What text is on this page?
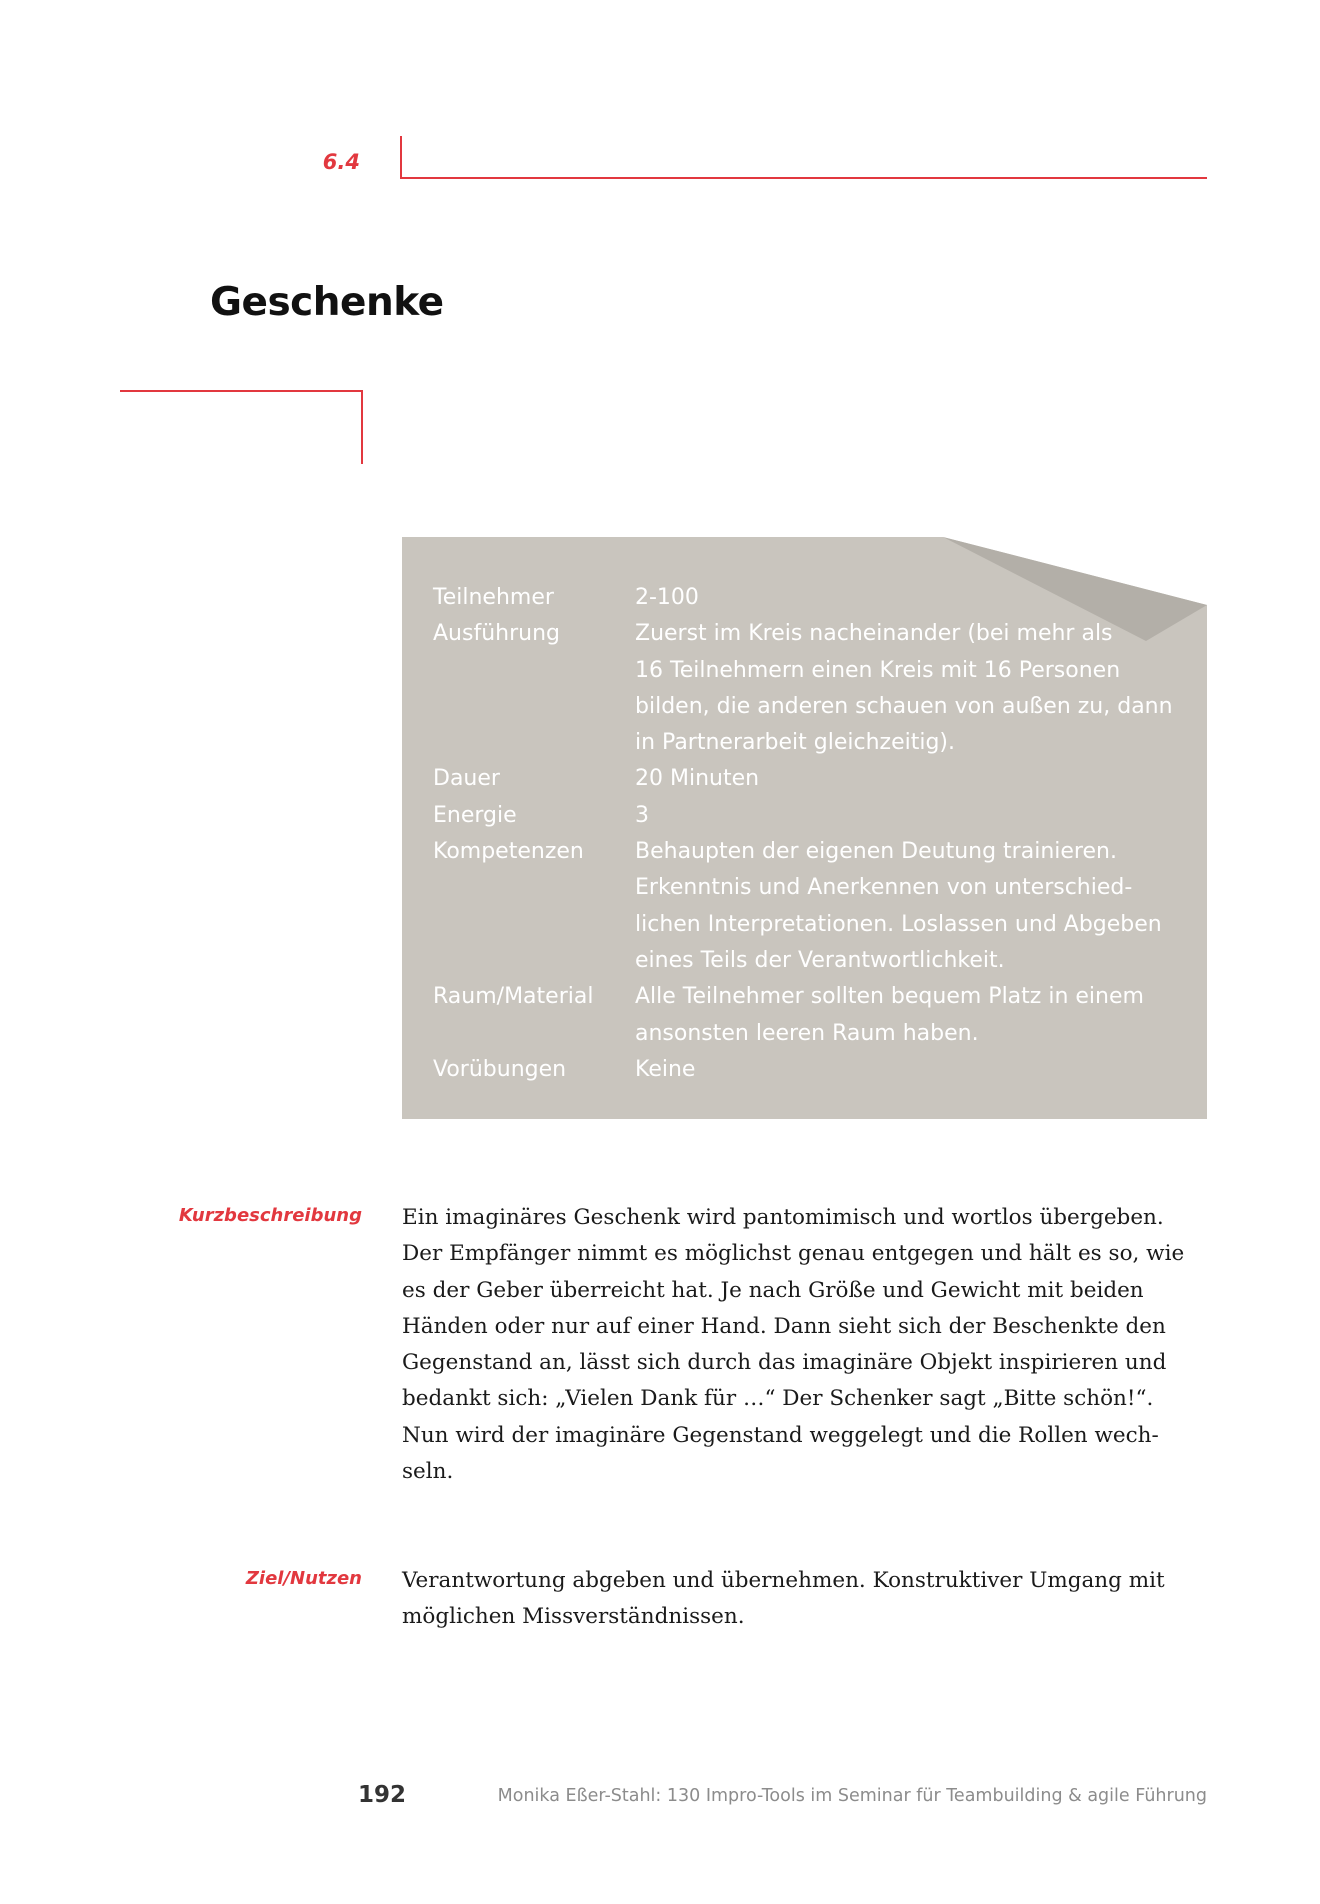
6.4
Geschenke
Teilnehmer	2-100
Ausführung	Zuerst im Kreis nacheinander (bei mehr als
16 Teilnehmern einen Kreis mit 16 Personen
bilden, die anderen schauen von außen zu, dann
in Partnerarbeit gleichzeitig).
Dauer	20 Minuten
Energie	3
Kompetenzen	Behaupten der eigenen Deutung trainieren.
Erkenntnis und Anerkennen von unterschied-
lichen Interpretationen. Loslassen und Abgeben
eines Teils der Verantwortlichkeit.
Raum/Material	Alle Teilnehmer sollten bequem Platz in einem
ansonsten leeren Raum haben.
Vorübungen	Keine
Kurzbeschreibung Ein imaginäres Geschenk wird pantomimisch und wortlos übergeben.
Der Empfänger nimmt es möglichst genau entgegen und hält es so, wie
es der Geber überreicht hat. Je nach Größe und Gewicht mit beiden
Händen oder nur auf einer Hand. Dann sieht sich der Beschenkte den
Gegenstand an, lässt sich durch das imaginäre Objekt inspirieren und
bedankt sich: „Vielen Dank für …“ Der Schenker sagt „Bitte schön!“.
Nun wird der imaginäre Gegenstand weggelegt und die Rollen wech-
seln.
Ziel/Nutzen Verantwortung abgeben und übernehmen. Konstruktiver Umgang mit
möglichen Missverständnissen.
192	Monika Eßer-Stahl: 130 Impro-Tools im Seminar für Teambuilding & agile Führung
